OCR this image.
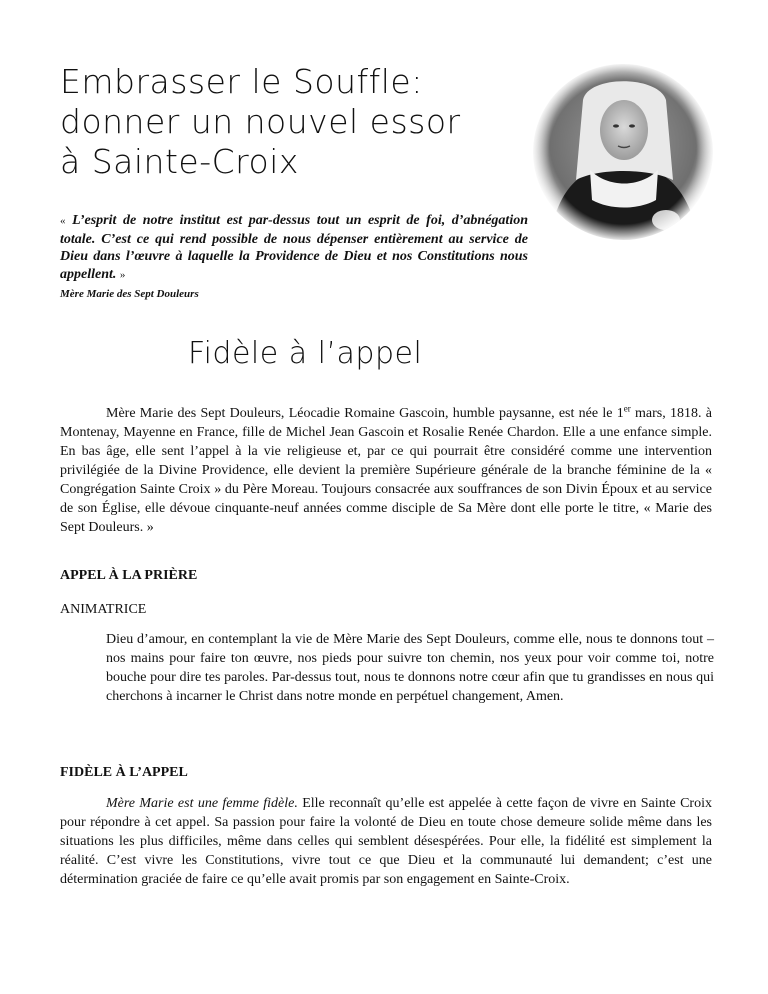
Embrasser le Souffle:
donner un nouvel essor
à Sainte-Croix
« L’esprit de notre institut est par-dessus tout un esprit de foi, d’abnégation totale. C’est ce qui rend possible de nous dépenser entièrement au service de Dieu dans l’œuvre à laquelle la Providence de Dieu et nos Constitutions nous appellent. »
Mère Marie des Sept Douleurs
Fidèle à l’appel
Mère Marie des Sept Douleurs, Léocadie Romaine Gascoin, humble paysanne, est née le 1er mars, 1818. à Montenay, Mayenne en France, fille de Michel Jean Gascoin et Rosalie Renée Chardon. Elle a une enfance simple. En bas âge, elle sent l’appel à la vie religieuse et, par ce qui pourrait être considéré comme une intervention privilégiée de la Divine Providence, elle devient la première Supérieure générale de la branche féminine de la « Congrégation Sainte Croix » du Père Moreau. Toujours consacrée aux souffrances de son Divin Époux et au service de son Église, elle dévoue cinquante-neuf années comme disciple de Sa Mère dont elle porte le titre, « Marie des Sept Douleurs. »
APPEL À LA PRIÈRE
ANIMATRICE
Dieu d’amour, en contemplant la vie de Mère Marie des Sept Douleurs, comme elle, nous te donnons tout – nos mains pour faire ton œuvre, nos pieds pour suivre ton chemin, nos yeux pour voir comme toi, notre bouche pour dire tes paroles. Par-dessus tout, nous te donnons notre cœur afin que tu grandisses en nous qui cherchons à incarner le Christ dans notre monde en perpétuel changement, Amen.
FIDÈLE À L’APPEL
Mère Marie est une femme fidèle. Elle reconnaît qu’elle est appelée à cette façon de vivre en Sainte Croix pour répondre à cet appel. Sa passion pour faire la volonté de Dieu en toute chose demeure solide même dans les situations les plus difficiles, même dans celles qui semblent désespérées. Pour elle, la fidélité est simplement la réalité. C’est vivre les Constitutions, vivre tout ce que Dieu et la communauté lui demandent; c’est une détermination graciée de faire ce qu’elle avait promis par son engagement en Sainte-Croix.
